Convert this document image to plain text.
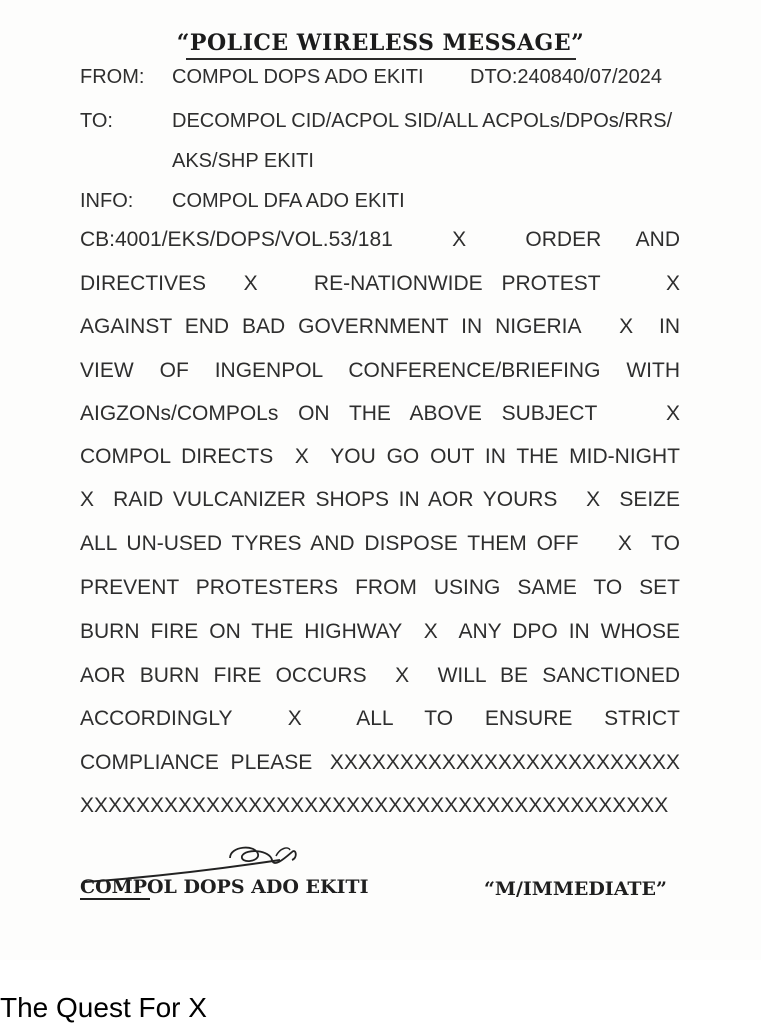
“POLICE WIRELESS MESSAGE”
FROM: COMPOL DOPS ADO EKITI DTO:240840/07/2024
TO:	DECOMPOL CID/ACPOL SID/ALL ACPOLs/DPOs/RRS/
AKS/SHP EKITI
INFO: COMPOL DFA ADO EKITI
CB:4001/EKS/DOPS/VOL.53/181     X     ORDER   AND
DIRECTIVES    X      RE-NATIONWIDE  PROTEST       X
AGAINST END BAD GOVERNMENT IN NIGERIA   X  IN
VIEW  OF  INGENPOL  CONFERENCE/BRIEFING  WITH
AIGZONs/COMPOLs  ON  THE  ABOVE  SUBJECT       X
COMPOL DIRECTS  X  YOU GO OUT IN THE MID-NIGHT
X  RAID VULCANIZER SHOPS IN AOR YOURS   X  SEIZE
ALL UN-USED TYRES AND DISPOSE THEM OFF    X  TO
PREVENT  PROTESTERS  FROM  USING  SAME  TO  SET
BURN FIRE ON THE HIGHWAY  X  ANY DPO IN WHOSE
AOR  BURN  FIRE  OCCURS    X    WILL  BE  SANCTIONED
ACCORDINGLY       X       ALL    TO    ENSURE    STRICT
COMPLIANCE  PLEASE   XXXXXXXXXXXXXXXXXXXXXXXXX
XXXXXXXXXXXXXXXXXXXXXXXXXXXXXXXXXXXXXXXXXX
COMPOL DOPS ADO EKITI	“M/IMMEDIATE”
The Quest For X
